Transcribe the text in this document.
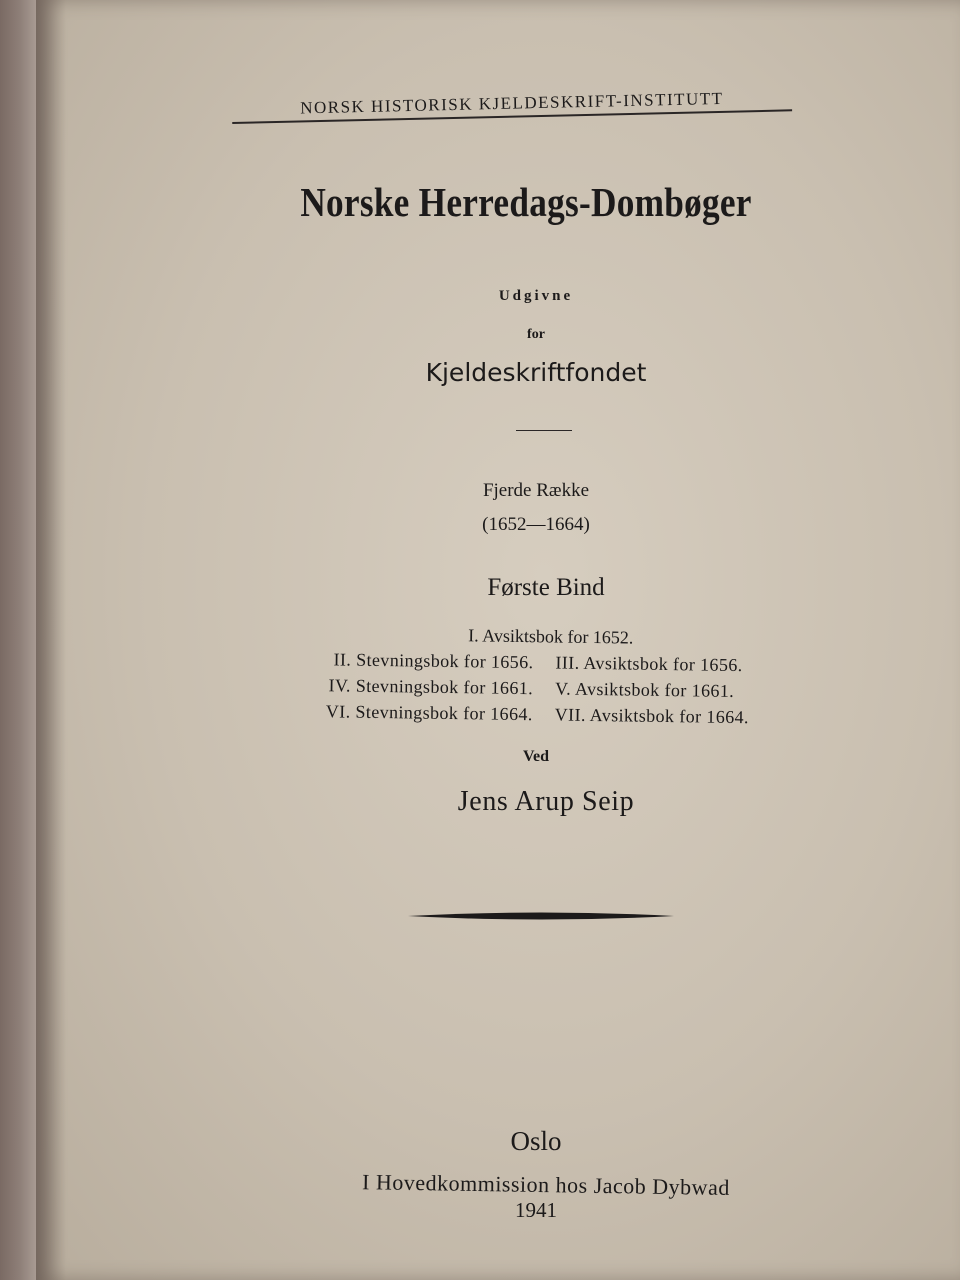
NORSK HISTORISK KJELDESKRIFT-INSTITUTT
Norske Herredags-Dombøger
Udgivne
for
Kjeldeskriftfondet
Fjerde Række
(1652—1664)
Første Bind
I. Avsiktsbok for 1652.
II. Stevningsbok for 1656. III. Avsiktsbok for 1656.
IV. Stevningsbok for 1661. V. Avsiktsbok for 1661.
VI. Stevningsbok for 1664. VII. Avsiktsbok for 1664.
Ved
Jens Arup Seip
Oslo
I Hovedkommission hos Jacob Dybwad
1941
